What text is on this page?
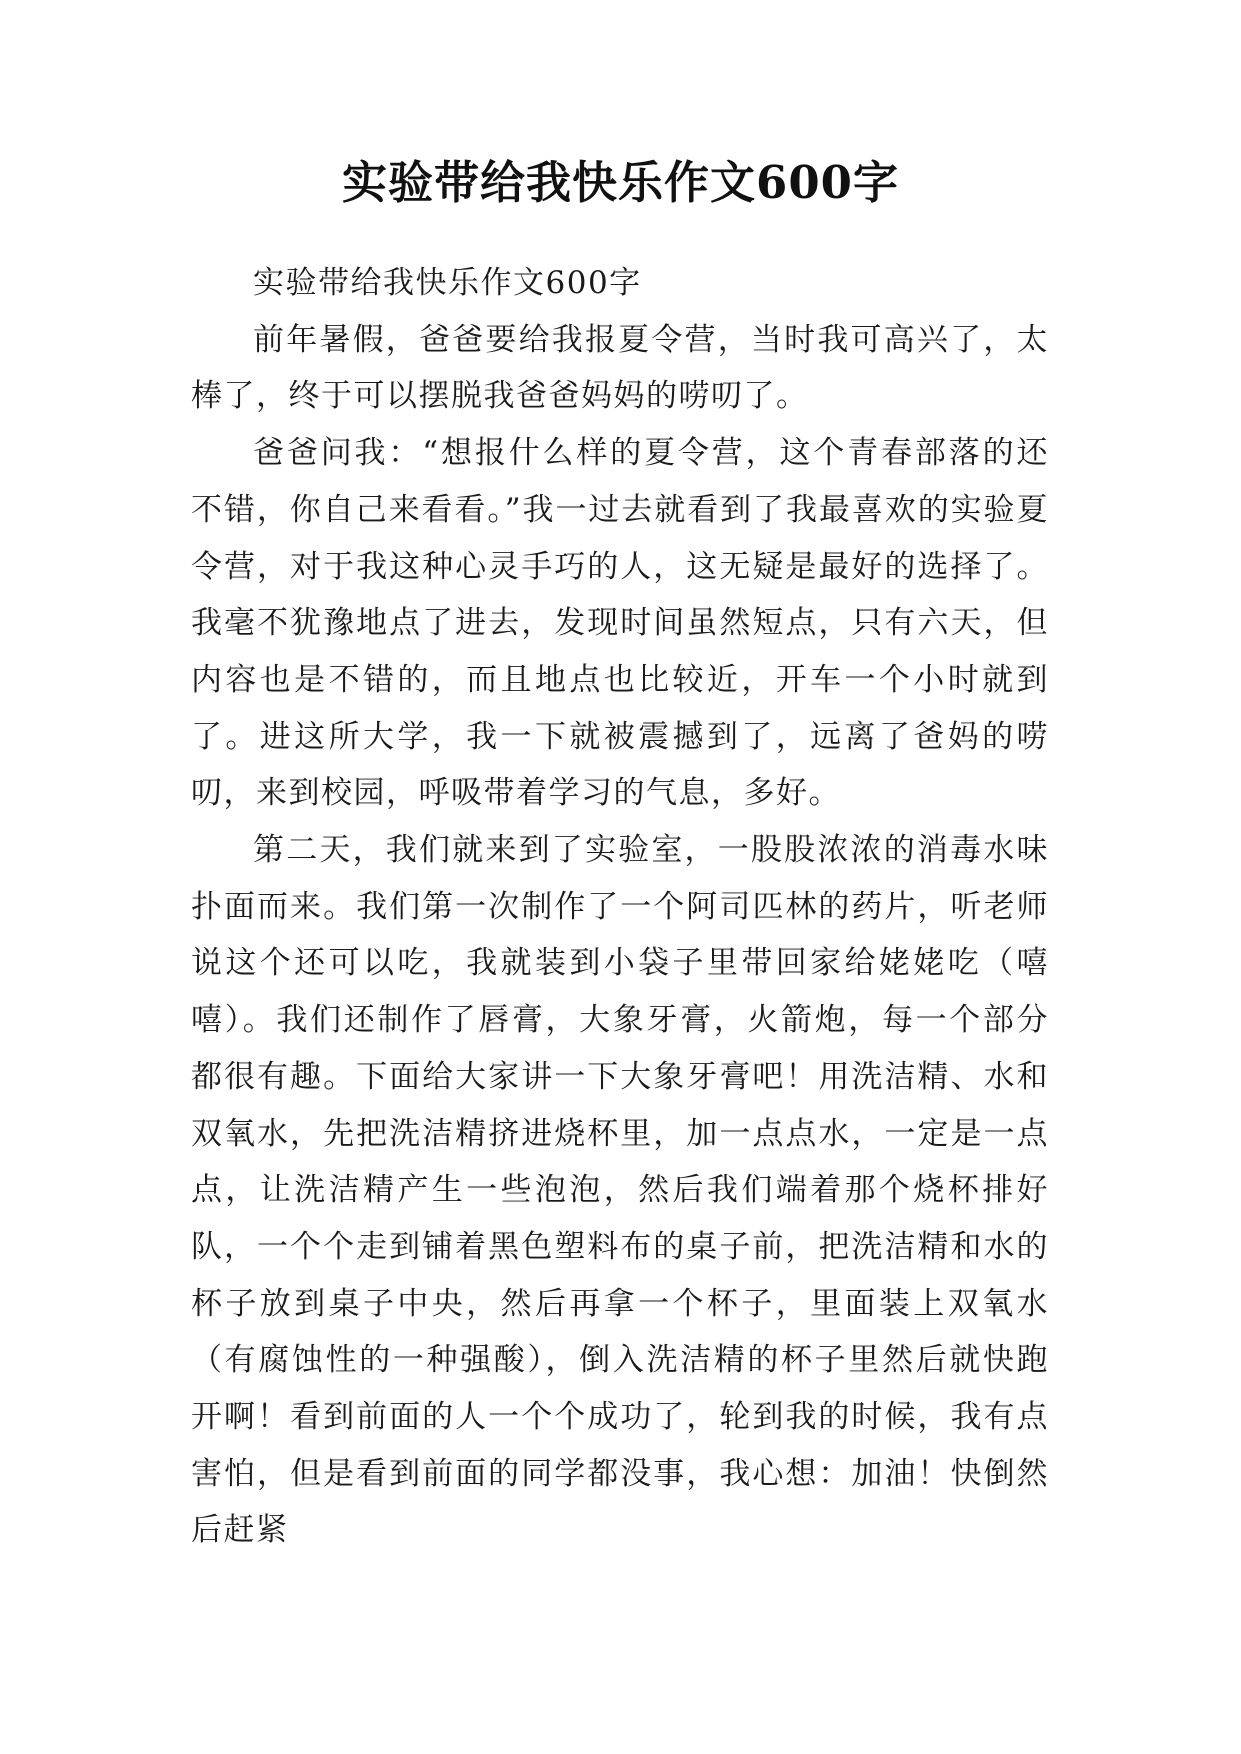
实验带给我快乐作文600字

实验带给我快乐作文600字

前年暑假，爸爸要给我报夏令营，当时我可高兴了，太棒了，终于可以摆脱我爸爸妈妈的唠叨了。

爸爸问我：“想报什么样的夏令营，这个青春部落的还不错，你自己来看看。”我一过去就看到了我最喜欢的实验夏令营，对于我这种心灵手巧的人，这无疑是最好的选择了。我毫不犹豫地点了进去，发现时间虽然短点，只有六天，但内容也是不错的，而且地点也比较近，开车一个小时就到了。进这所大学，我一下就被震撼到了，远离了爸妈的唠叨，来到校园，呼吸带着学习的气息，多好。

第二天，我们就来到了实验室，一股股浓浓的消毒水味扑面而来。我们第一次制作了一个阿司匹林的药片，听老师说这个还可以吃，我就装到小袋子里带回家给姥姥吃（嘻嘻）。我们还制作了唇膏，大象牙膏，火箭炮，每一个部分都很有趣。下面给大家讲一下大象牙膏吧！用洗洁精、水和双氧水，先把洗洁精挤进烧杯里，加一点点水，一定是一点点，让洗洁精产生一些泡泡，然后我们端着那个烧杯排好队，一个个走到铺着黑色塑料布的桌子前，把洗洁精和水的杯子放到桌子中央，然后再拿一个杯子，里面装上双氧水（有腐蚀性的一种强酸），倒入洗洁精的杯子里然后就快跑开啊！看到前面的人一个个成功了，轮到我的时候，我有点害怕，但是看到前面的同学都没事，我心想：加油！快倒然后赶紧
